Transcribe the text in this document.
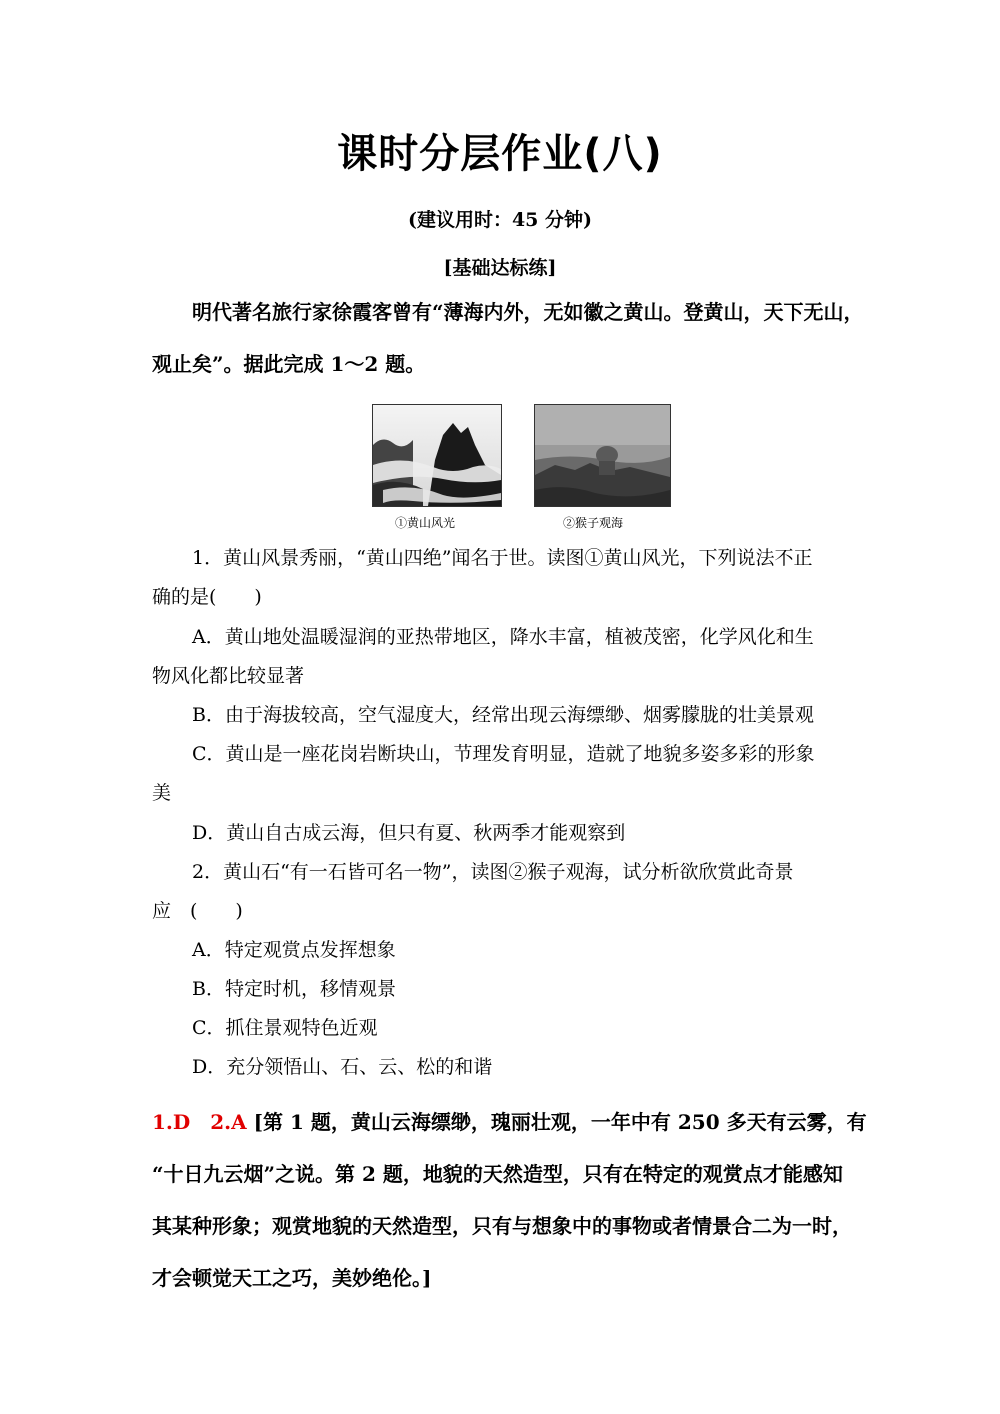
课时分层作业(八)
(建议用时：45 分钟)
[基础达标练]
明代著名旅行家徐霞客曾有“薄海内外，无如徽之黄山。登黄山，天下无山，
观止矣”。据此完成 1～2 题。
①黄山风光	②猴子观海
1．黄山风景秀丽，“黄山四绝”闻名于世。读图①黄山风光，下列说法不正
确的是(　　)
A．黄山地处温暖湿润的亚热带地区，降水丰富，植被茂密，化学风化和生
物风化都比较显著
B．由于海拔较高，空气湿度大，经常出现云海缥缈、烟雾朦胧的壮美景观
C．黄山是一座花岗岩断块山，节理发育明显，造就了地貌多姿多彩的形象
美
D．黄山自古成云海，但只有夏、秋两季才能观察到
2．黄山石“有一石皆可名一物”，读图②猴子观海，试分析欲欣赏此奇景
应　(　　)
A．特定观赏点发挥想象
B．特定时机，移情观景
C．抓住景观特色近观
D．充分领悟山、石、云、松的和谐
1.D　2.A [第 1 题，黄山云海缥缈，瑰丽壮观，一年中有 250 多天有云雾，有
“十日九云烟”之说。第 2 题，地貌的天然造型，只有在特定的观赏点才能感知
其某种形象；观赏地貌的天然造型，只有与想象中的事物或者情景合二为一时，
才会顿觉天工之巧，美妙绝伦。]
